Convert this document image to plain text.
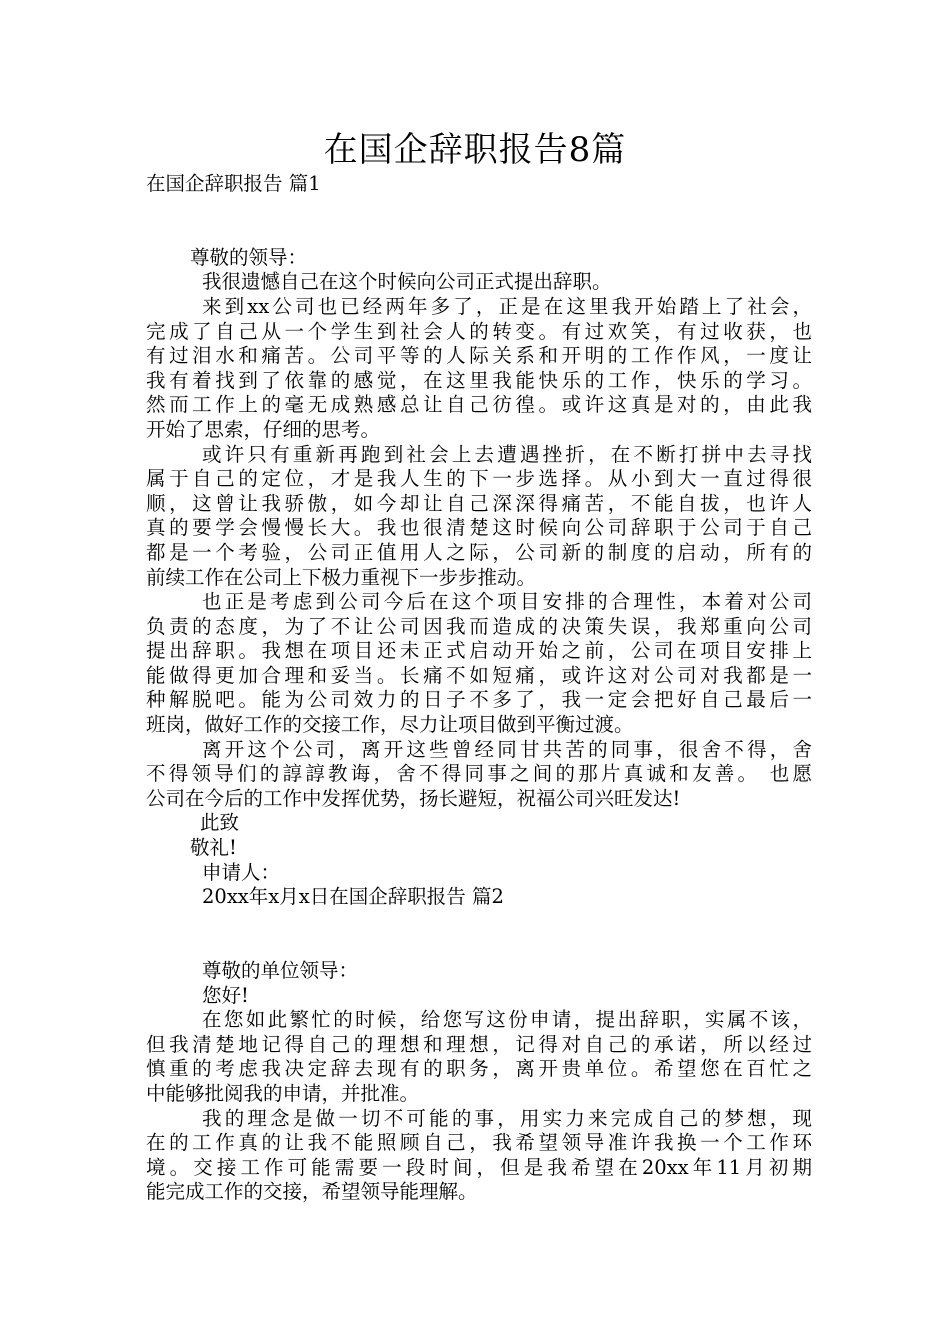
在国企辞职报告8篇
在国企辞职报告 篇1
尊敬的领导：
我很遗憾自己在这个时候向公司正式提出辞职。
来到xx公司也已经两年多了，正是在这里我开始踏上了社会，
完成了自己从一个学生到社会人的转变。有过欢笑，有过收获，也
有过泪水和痛苦。公司平等的人际关系和开明的工作作风，一度让
我有着找到了依靠的感觉，在这里我能快乐的工作，快乐的学习。
然而工作上的毫无成熟感总让自己彷徨。或许这真是对的，由此我
开始了思索，仔细的思考。
或许只有重新再跑到社会上去遭遇挫折，在不断打拼中去寻找
属于自己的定位，才是我人生的下一步选择。从小到大一直过得很
顺，这曾让我骄傲，如今却让自己深深得痛苦，不能自拔，也许人
真的要学会慢慢长大。我也很清楚这时候向公司辞职于公司于自己
都是一个考验，公司正值用人之际，公司新的制度的启动，所有的
前续工作在公司上下极力重视下一步步推动。
也正是考虑到公司今后在这个项目安排的合理性，本着对公司
负责的态度，为了不让公司因我而造成的决策失误，我郑重向公司
提出辞职。我想在项目还未正式启动开始之前，公司在项目安排上
能做得更加合理和妥当。长痛不如短痛，或许这对公司对我都是一
种解脱吧。能为公司效力的日子不多了，我一定会把好自己最后一
班岗，做好工作的交接工作，尽力让项目做到平衡过渡。
离开这个公司，离开这些曾经同甘共苦的同事，很舍不得，舍
不得领导们的諄諄教诲，舍不得同事之间的那片真诚和友善。 也愿
公司在今后的工作中发挥优势，扬长避短，祝福公司兴旺发达!
此致
敬礼!
申请人：
20xx年x月x日在国企辞职报告 篇2
尊敬的单位领导：
您好!
在您如此繁忙的时候，给您写这份申请，提出辞职，实属不该，
但我清楚地记得自己的理想和理想，记得对自己的承诺，所以经过
慎重的考虑我决定辞去现有的职务，离开贵单位。希望您在百忙之
中能够批阅我的申请，并批准。
我的理念是做一切不可能的事，用实力来完成自己的梦想，现
在的工作真的让我不能照顾自己，我希望领导准许我换一个工作环
境。交接工作可能需要一段时间，但是我希望在20xx年11月初期
能完成工作的交接，希望领导能理解。
